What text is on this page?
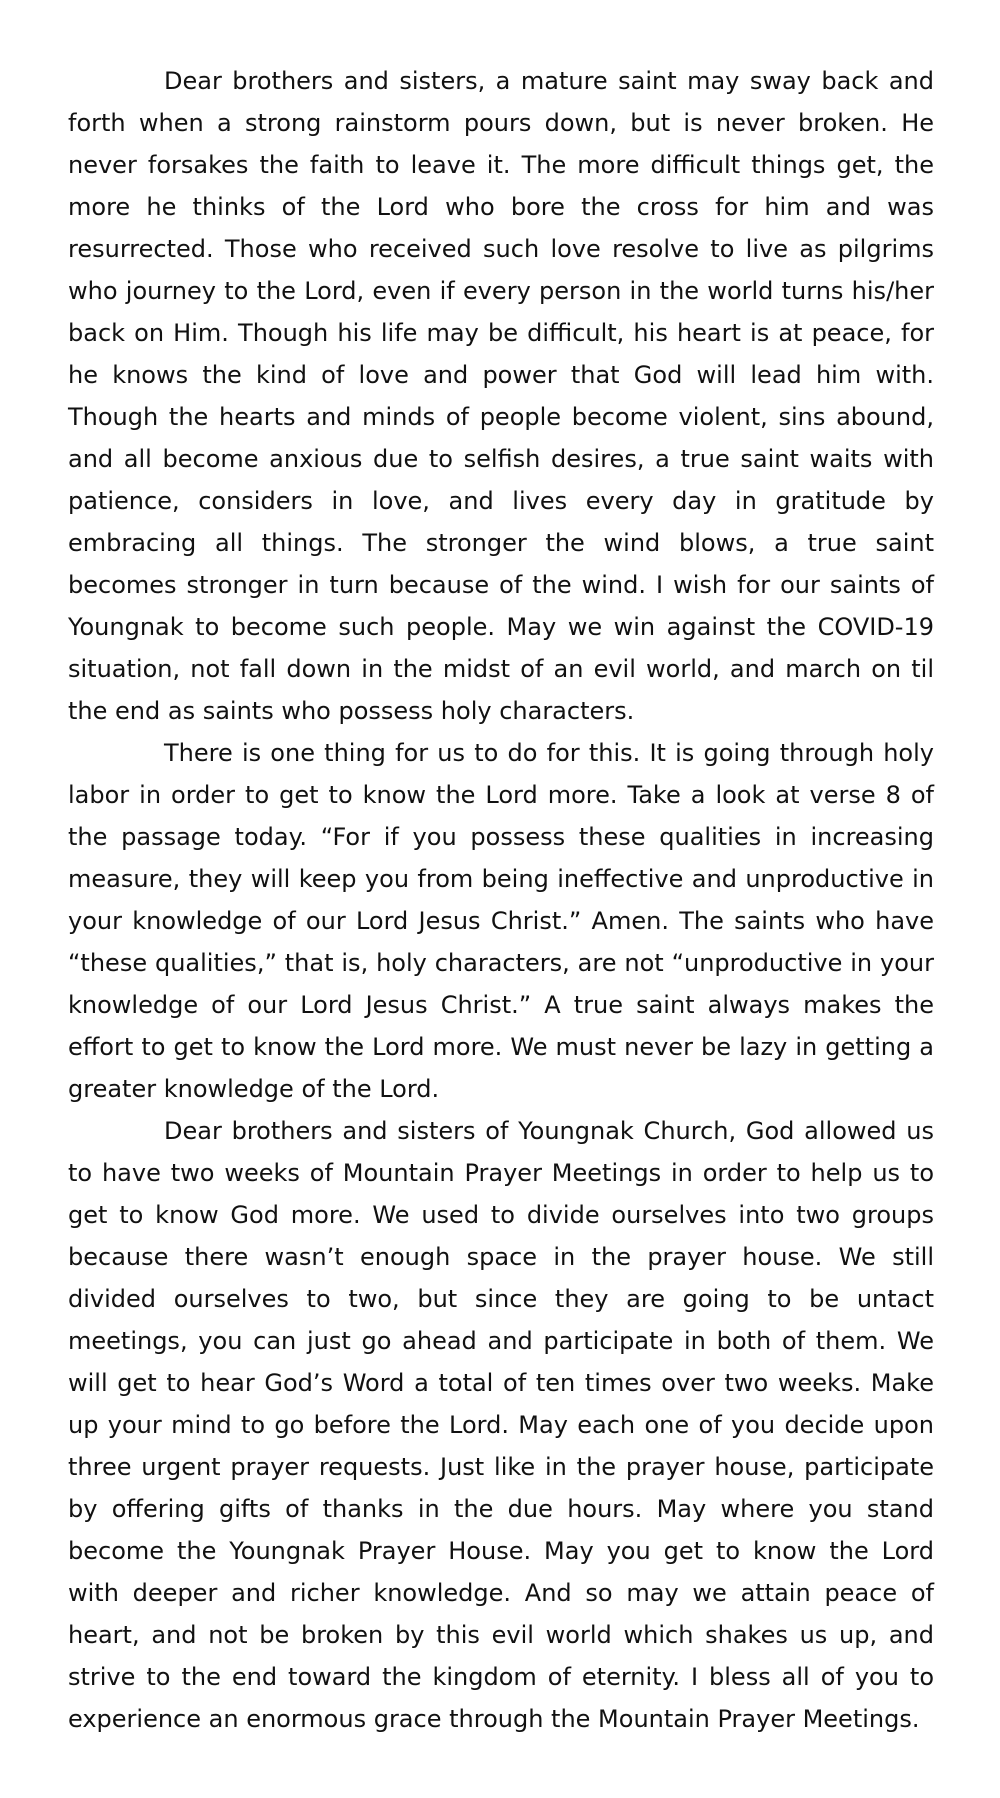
Dear brothers and sisters, a mature saint may sway back and forth when a strong rainstorm pours down, but is never broken. He never forsakes the faith to leave it. The more difficult things get, the more he thinks of the Lord who bore the cross for him and was resurrected. Those who received such love resolve to live as pilgrims who journey to the Lord, even if every person in the world turns his/her back on Him. Though his life may be difficult, his heart is at peace, for he knows the kind of love and power that God will lead him with. Though the hearts and minds of people become violent, sins abound, and all become anxious due to selfish desires, a true saint waits with patience, considers in love, and lives every day in gratitude by embracing all things. The stronger the wind blows, a true saint becomes stronger in turn because of the wind. I wish for our saints of Youngnak to become such people. May we win against the COVID-19 situation, not fall down in the midst of an evil world, and march on til the end as saints who possess holy characters.

There is one thing for us to do for this. It is going through holy labor in order to get to know the Lord more. Take a look at verse 8 of the passage today. “For if you possess these qualities in increasing measure, they will keep you from being ineffective and unproductive in your knowledge of our Lord Jesus Christ.” Amen. The saints who have “these qualities,” that is, holy characters, are not “unproductive in your knowledge of our Lord Jesus Christ.” A true saint always makes the effort to get to know the Lord more. We must never be lazy in getting a greater knowledge of the Lord.

Dear brothers and sisters of Youngnak Church, God allowed us to have two weeks of Mountain Prayer Meetings in order to help us to get to know God more. We used to divide ourselves into two groups because there wasn’t enough space in the prayer house. We still divided ourselves to two, but since they are going to be untact meetings, you can just go ahead and participate in both of them. We will get to hear God’s Word a total of ten times over two weeks. Make up your mind to go before the Lord. May each one of you decide upon three urgent prayer requests. Just like in the prayer house, participate by offering gifts of thanks in the due hours. May where you stand become the Youngnak Prayer House. May you get to know the Lord with deeper and richer knowledge. And so may we attain peace of heart, and not be broken by this evil world which shakes us up, and strive to the end toward the kingdom of eternity. I bless all of you to experience an enormous grace through the Mountain Prayer Meetings.
